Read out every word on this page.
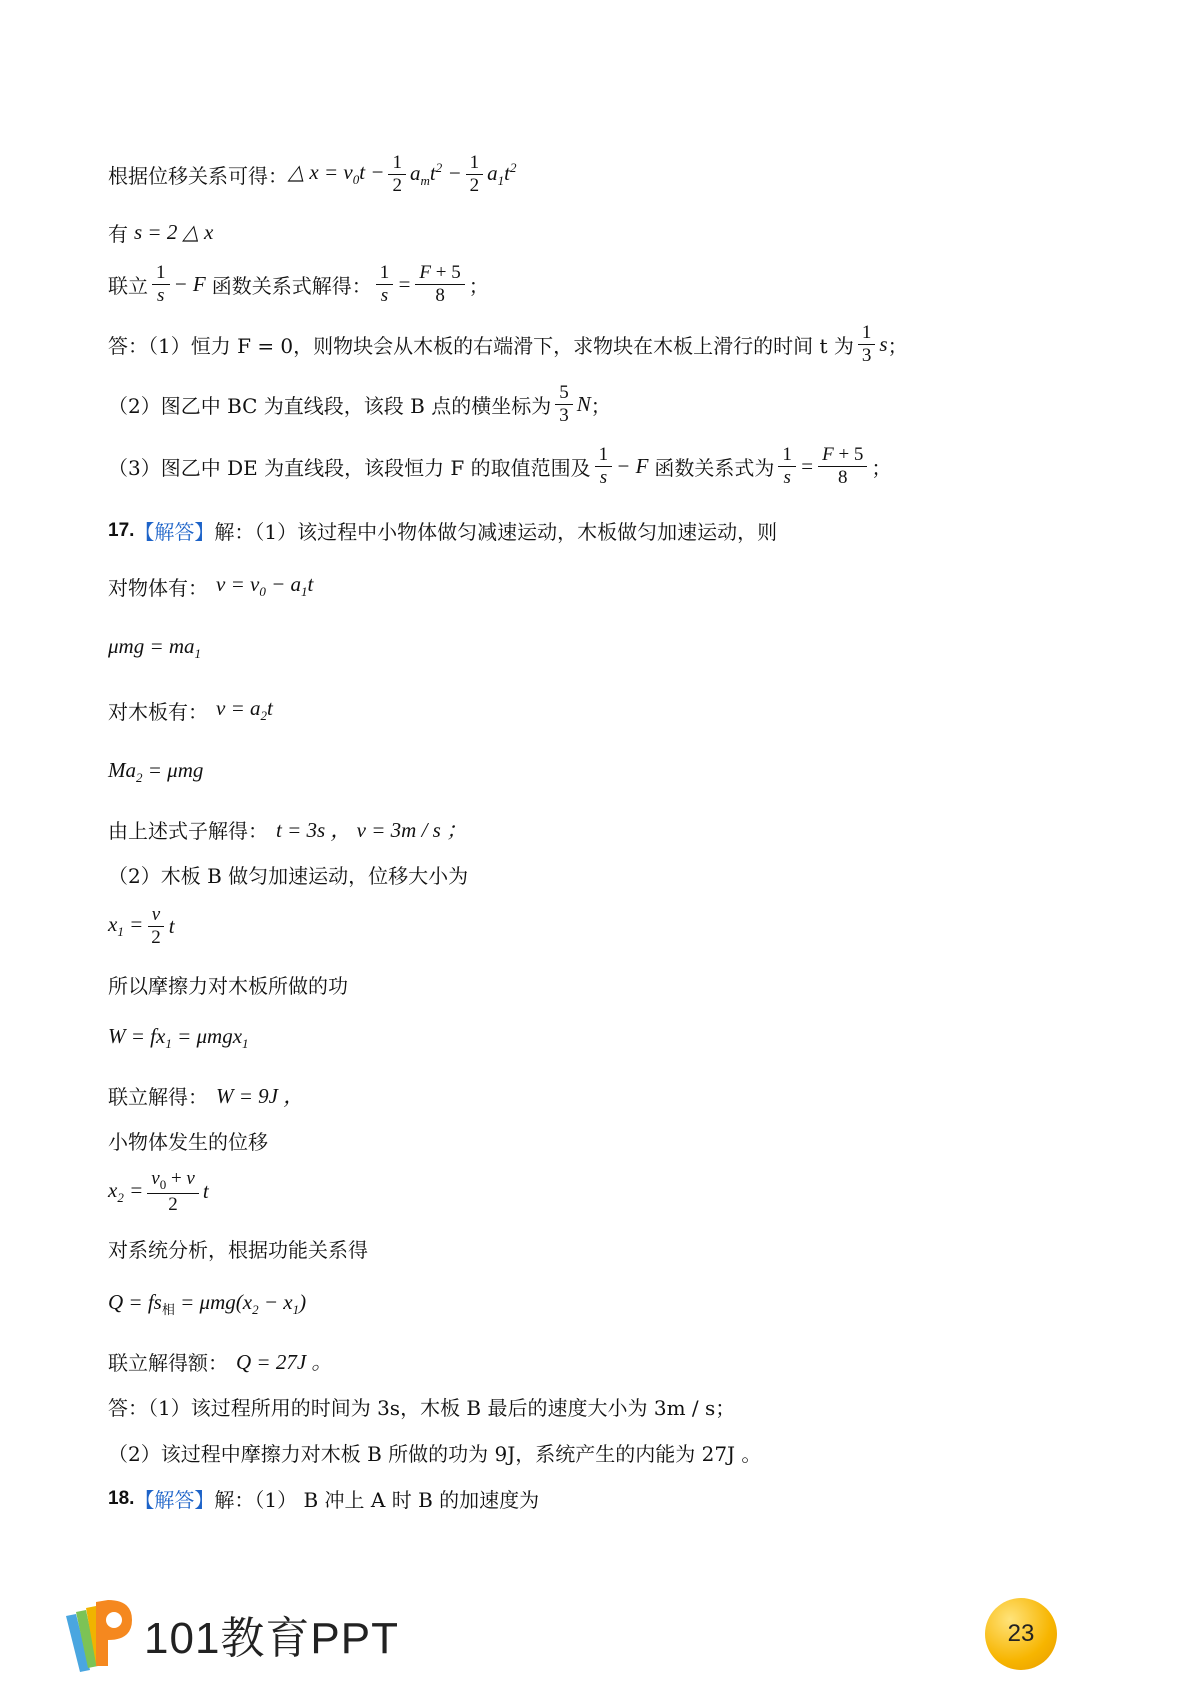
根据位移关系可得： △ $x = v_0t - \frac{1}{2} a_mt^2 - \frac{1}{2} a_1t^2$
有 s = 2 △ x
联立 $\frac{1}{s} - F$ 函数关系式解得： $\frac{1}{s} = \frac{F + 5}{8}$ ；
答：（1）恒力 F = 0，则物块会从木板的右端滑下，求物块在木板上滑行的时间 t 为 $\frac{1}{3}$ s ；
（2）图乙中 BC 为直线段，该段 B 点的横坐标为 $\frac{5}{3}$ N ；
（3）图乙中 DE 为直线段，该段恒力 F 的取值范围及 $\frac{1}{s} - F$ 函数关系式为 $\frac{1}{s} = \frac{F + 5}{8}$ ；
17. 【解答】 解：（1）该过程中小物体做匀减速运动，木板做匀加速运动，则
对物体有： $v = v_0 - a_1t$
$\mu mg = ma_1$
对木板有： $v = a_2t$
$Ma_2 = \mu mg$
由上述式子解得： t = 3s ， v = 3m / s ；
（2）木板 B 做匀加速运动，位移大小为
$x_1 = \frac{v}{2}$ t
所以摩擦力对木板所做的功
$W = fx_1 = \mu mgx_1$
联立解得： W = 9J ，
小物体发生的位移
$x_2 = \frac{v_0 + v}{2}$ t
对系统分析，根据功能关系得
$Q = fs_相 = \mu mg(x_2 - x_1)$
联立解得额： Q = 27J 。
答：（1）该过程所用的时间为 3s，木板 B 最后的速度大小为 3m / s；
（2）该过程中摩擦力对木板 B 所做的功为 9J，系统产生的内能为 27J 。
18. 【解答】 解：（1） B 冲上 A 时 B 的加速度为
101教育PPT	23
